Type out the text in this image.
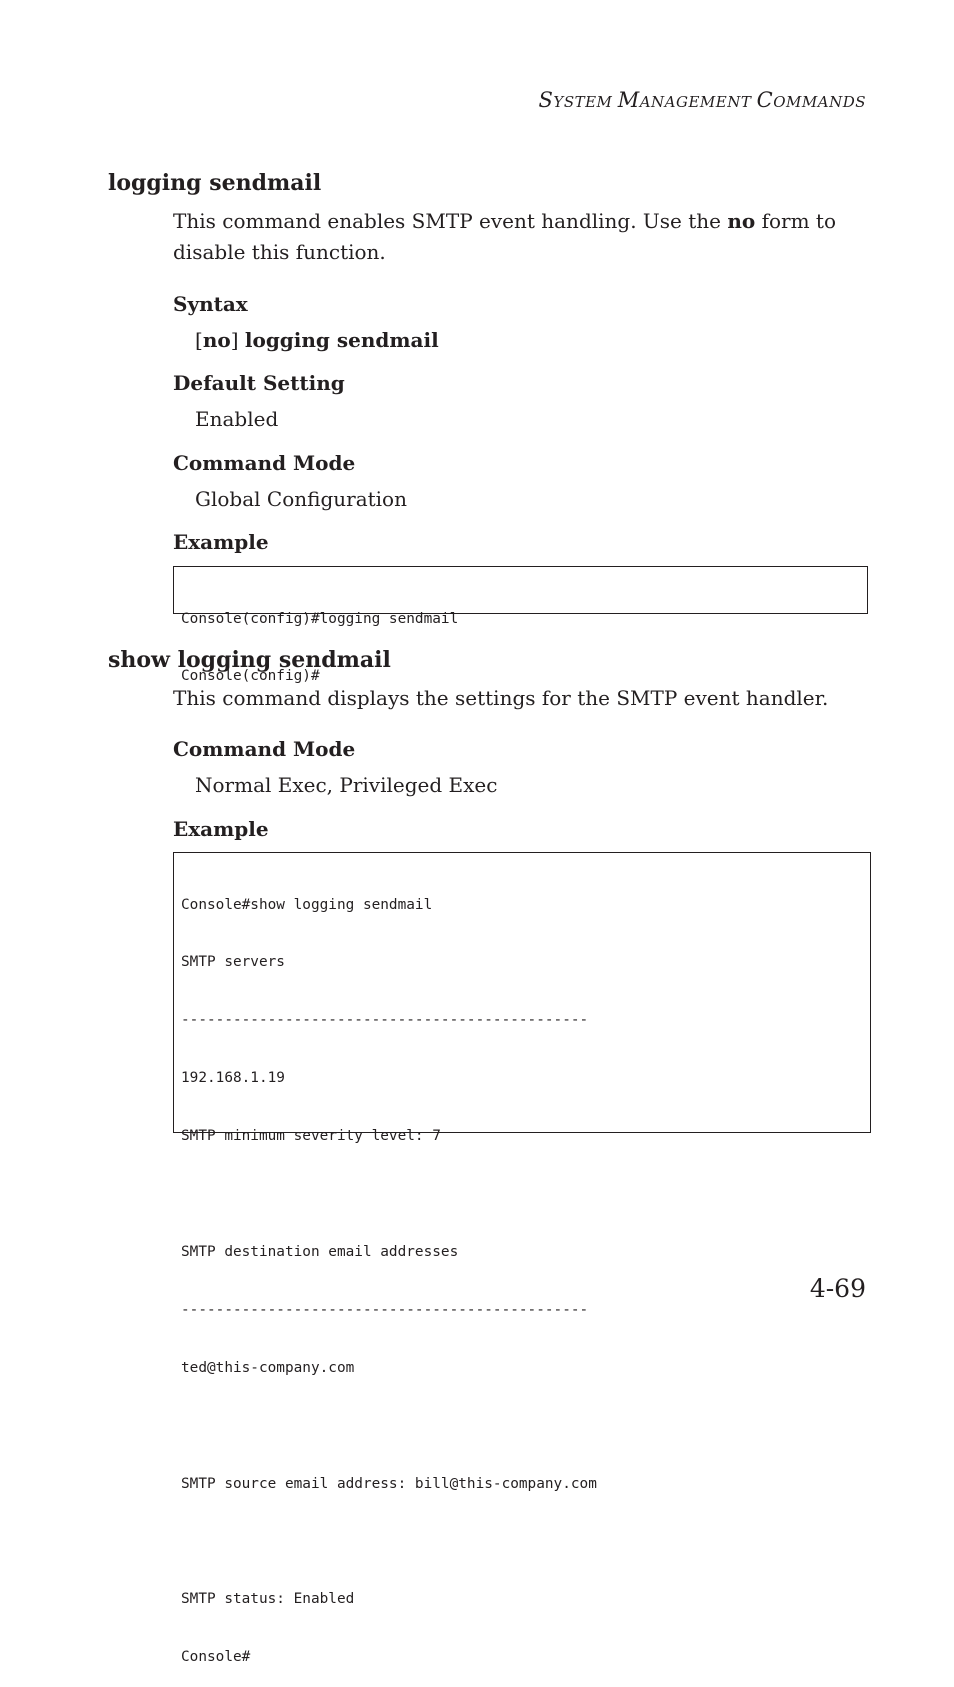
SYSTEM MANAGEMENT COMMANDS
logging sendmail
This command enables SMTP event handling. Use the no form to disable this function.
Syntax
[no] logging sendmail
Default Setting
Enabled
Command Mode
Global Configuration
Example

Console(config)#logging sendmail

Console(config)#

show logging sendmail
This command displays the settings for the SMTP event handler.
Command Mode
Normal Exec, Privileged Exec
Example

Console#show logging sendmail

SMTP servers

-----------------------------------------------

192.168.1.19

SMTP minimum severity level: 7

SMTP destination email addresses

-----------------------------------------------

ted@this-company.com

SMTP source email address: bill@this-company.com

SMTP status: Enabled

Console#

4-69
